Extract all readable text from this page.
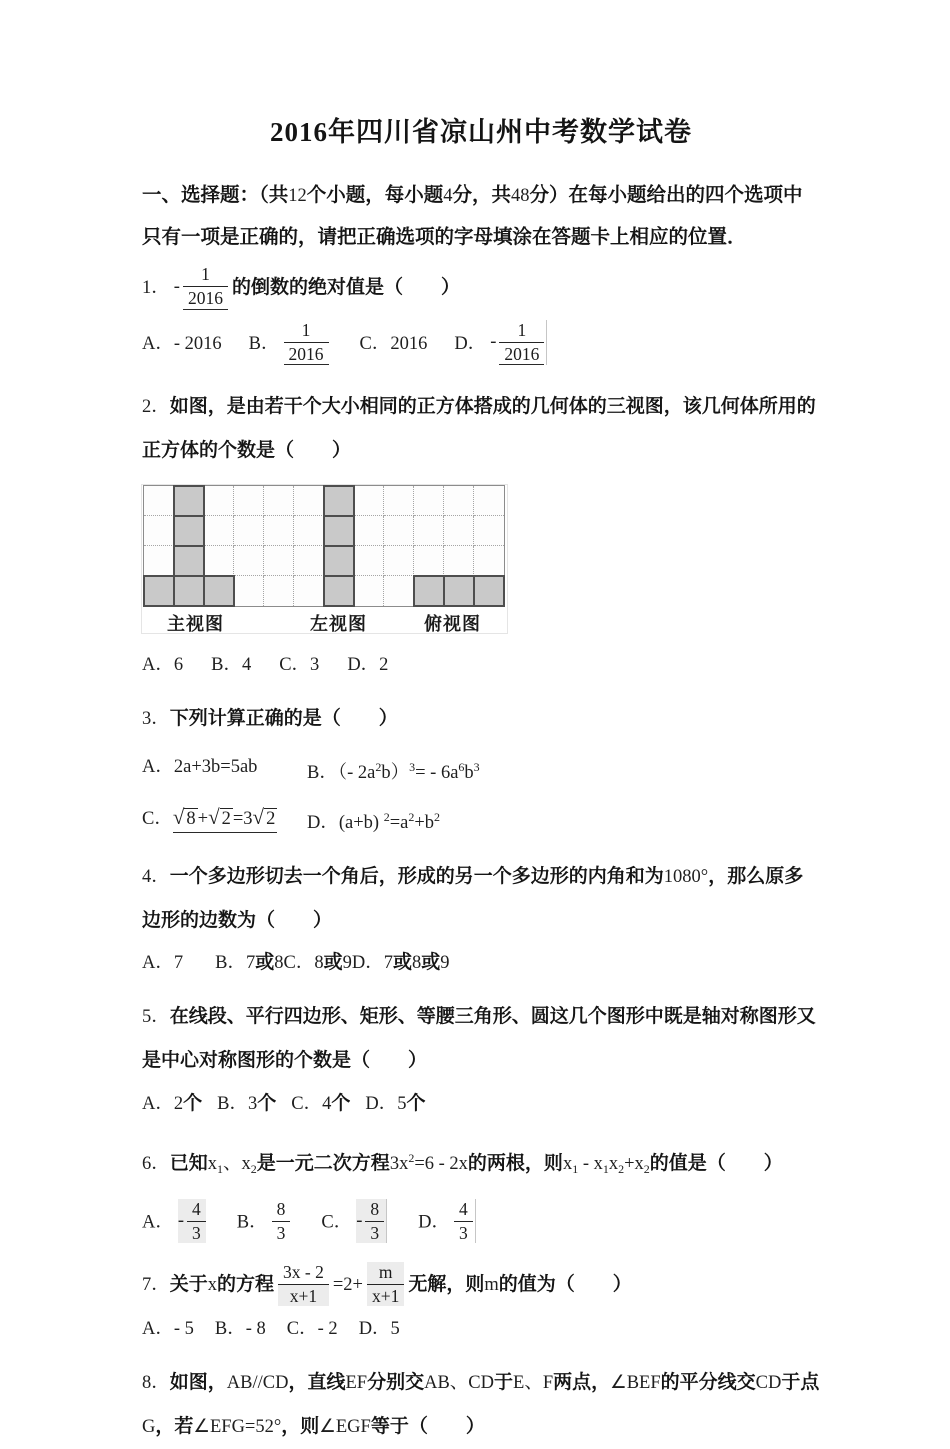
2016年四川省凉山州中考数学试卷

一、选择题：（共12个小题，每小题4分，共48分）在每小题给出的四个选项中只有一项是正确的，请把正确选项的字母填涂在答题卡上相应的位置．

1． - $\frac{1}{2016}$ 的倒数的绝对值是（　　）

A．- 2016 B． $\frac{1}{2016}$ C．2016 D． - $\frac{1}{2016}$

2．如图，是由若干个大小相同的正方体搭成的几何体的三视图，该几何体所用的正方体的个数是（　　）

主视图	左视图	俯视图
A．6 B．4 C．3 D．2

3．下列计算正确的是（　　）

A．2a+3b=5ab	B．（- $2a^2b)^3= - 6a^6b^3$
C．√ 8 +√ 2 =3√ 2	D．(a+b) $^2=a^2+b^2$

4．一个多边形切去一个角后，形成的另一个多边形的内角和为1080°，那么原多边形的边数为（　　）

A．7 B．7或8C．8或9D．7或8或9

5．在线段、平行四边形、矩形、等腰三角形、圆这几个图形中既是轴对称图形又是中心对称图形的个数是（　　）

A．2个 B．3个 C．4个 D．5个

6．已知$x_1$、$x_2$是一元二次方程$3x^2=6 - 2x$的两根，则$x_1 - x_1x_2+x_2$的值是（　　）

A． - $\frac{4}{3}$ B． $\frac{8}{3}$ C． - $\frac{8}{3}$ D． $\frac{4}{3}$

7．关于x的方程 $\frac{3x - 2}{x+1} =2+ \frac{m}{x+1}$ 无解，则m的值为（　　）

A．- 5 B．- 8 C．- 2 D．5

8．如图，AB//CD，直线EF分别交AB、CD于E、F两点，∠BEF的平分线交CD于点G，若∠EFG=52°，则∠EGF等于（　　）
